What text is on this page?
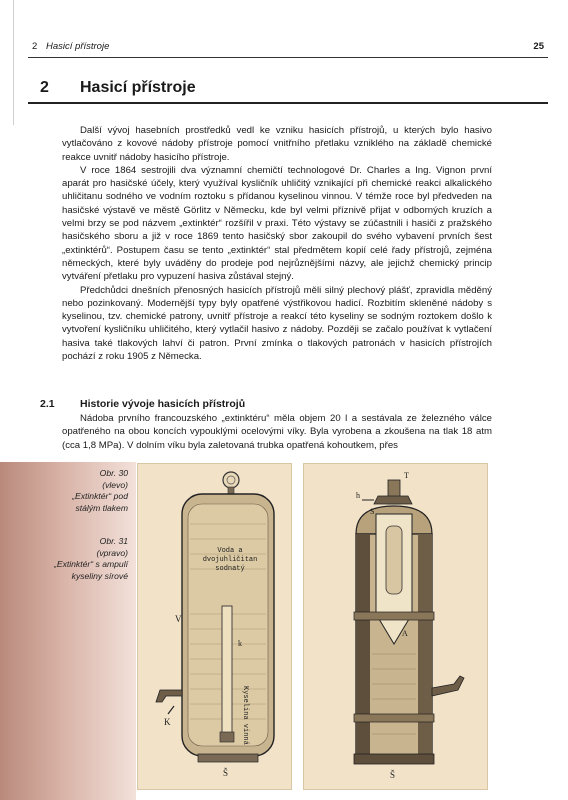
2 Hasicí přístroje	25
2 Hasicí přístroje

Další vývoj hasebních prostředků vedl ke vzniku hasicích přístrojů, u kterých bylo hasivo vytlačováno z kovové nádoby přístroje pomocí vnitřního přetlaku vzniklého na základě chemické reakce uvnitř nádoby hasicího přístroje.

V roce 1864 sestrojili dva významní chemičtí technologové Dr. Charles a Ing. Vignon první aparát pro hasičské účely, který využíval kysličník uhličitý vznikající při chemické reakci alkalického uhličitanu sodného ve vodním roztoku s přídanou kyselinou vinnou. V témže roce byl předveden na hasičské výstavě ve městě Görlitz v Německu, kde byl velmi příznivě přijat v odborných kruzích a velmi brzy se pod názvem „extinktér“ rozšířil v praxi. Této výstavy se zúčastnili i hasiči z pražského hasičského sboru a již v roce 1869 tento hasičský sbor zakoupil do svého vybavení prvních šest „extinktérů“. Postupem času se tento „extinktér“ stal předmětem kopií celé řady přístrojů, zejména německých, které byly uváděny do prodeje pod nejrůznějšími názvy, ale jejichž chemický princip vytváření přetlaku pro vypuzení hasiva zůstával stejný.

Předchůdci dnešních přenosných hasicích přístrojů měli silný plechový plášť, zpravidla měděný nebo pozinkovaný. Modernější typy byly opatřené výstřikovou hadicí. Rozbitím skleněné nádoby s kyselinou, tzv. chemické patrony, uvnitř přístroje a reakcí této kyseliny se sodným roztokem došlo k vytvoření kysličníku uhličitého, který vytlačil hasivo z nádoby. Později se začalo používat k vytlačení hasiva také tlakových lahví či patron. První zmínka o tlakových patronách v hasicích přístrojích pochází z roku 1905 z Německa.

2.1 Historie vývoje hasicích přístrojů

Nádoba prvního francouzského „extinktéru“ měla objem 20 l a sestávala ze železného válce opatřeného na obou koncích vypouklými ocelovými víky. Byla vyrobena a zkoušena na tlak 18 atm (cca 1,8 MPa). V dolním víku byla zaletovaná trubka opatřená kohoutkem, přes

Obr. 30
(vlevo)
„Extinktér“ pod
stálým tlakem
Obr. 31
(vpravo)
„Extinktér“ s ampulí
kyseliny sírové
Voda a
dvojuhličitan
sodnatý
Kyselina vinná
V
k
K
Š
h
S
T
A
Š
